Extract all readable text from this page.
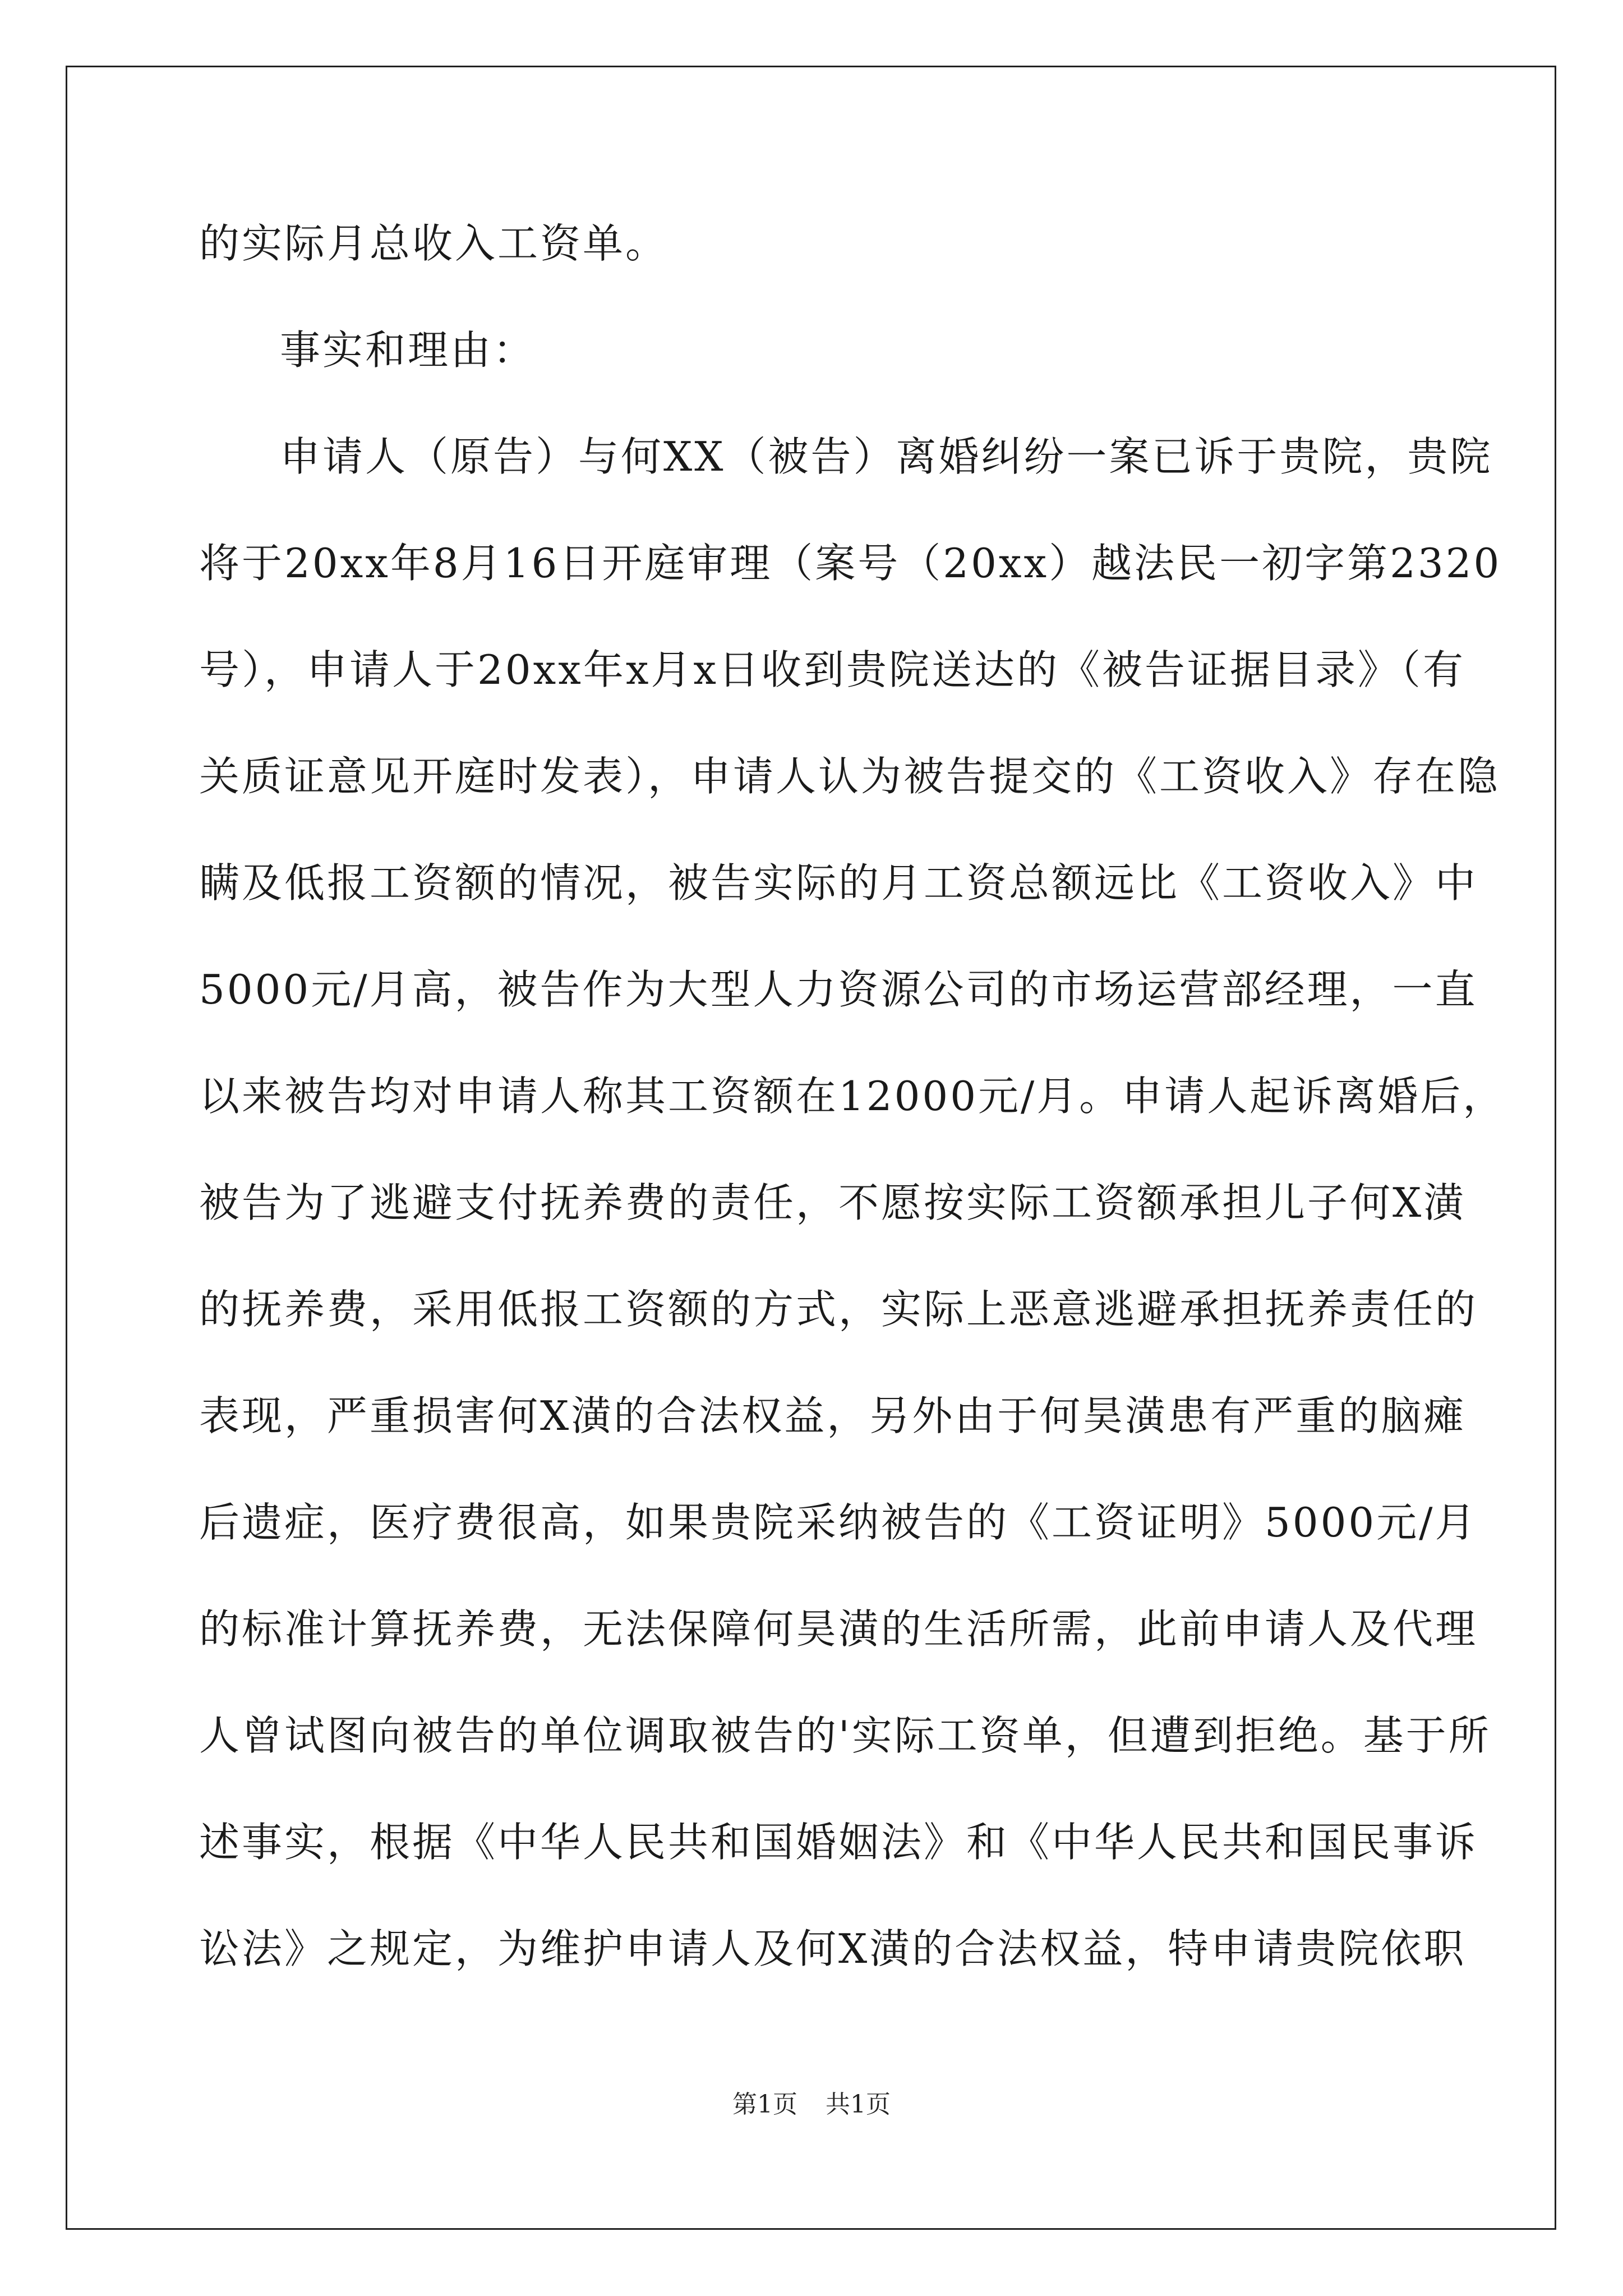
的实际月总收入工资单。
事实和理由：
申请人（原告）与何XX（被告）离婚纠纷一案已诉于贵院，贵院
将于20xx年8月16日开庭审理（案号（20xx）越法民一初字第2320
号），申请人于20xx年x月x日收到贵院送达的《被告证据目录》（有
关质证意见开庭时发表），申请人认为被告提交的《工资收入》存在隐
瞒及低报工资额的情况，被告实际的月工资总额远比《工资收入》中
5000元/月高，被告作为大型人力资源公司的市场运营部经理，一直
以来被告均对申请人称其工资额在12000元/月。申请人起诉离婚后，
被告为了逃避支付抚养费的责任，不愿按实际工资额承担儿子何X潢
的抚养费，采用低报工资额的方式，实际上恶意逃避承担抚养责任的
表现，严重损害何X潢的合法权益，另外由于何昊潢患有严重的脑瘫
后遗症，医疗费很高，如果贵院采纳被告的《工资证明》5000元/月
的标准计算抚养费，无法保障何昊潢的生活所需，此前申请人及代理
人曾试图向被告的单位调取被告的'实际工资单，但遭到拒绝。基于所
述事实，根据《中华人民共和国婚姻法》和《中华人民共和国民事诉
讼法》之规定，为维护申请人及何X潢的合法权益，特申请贵院依职
第1页 共1页
